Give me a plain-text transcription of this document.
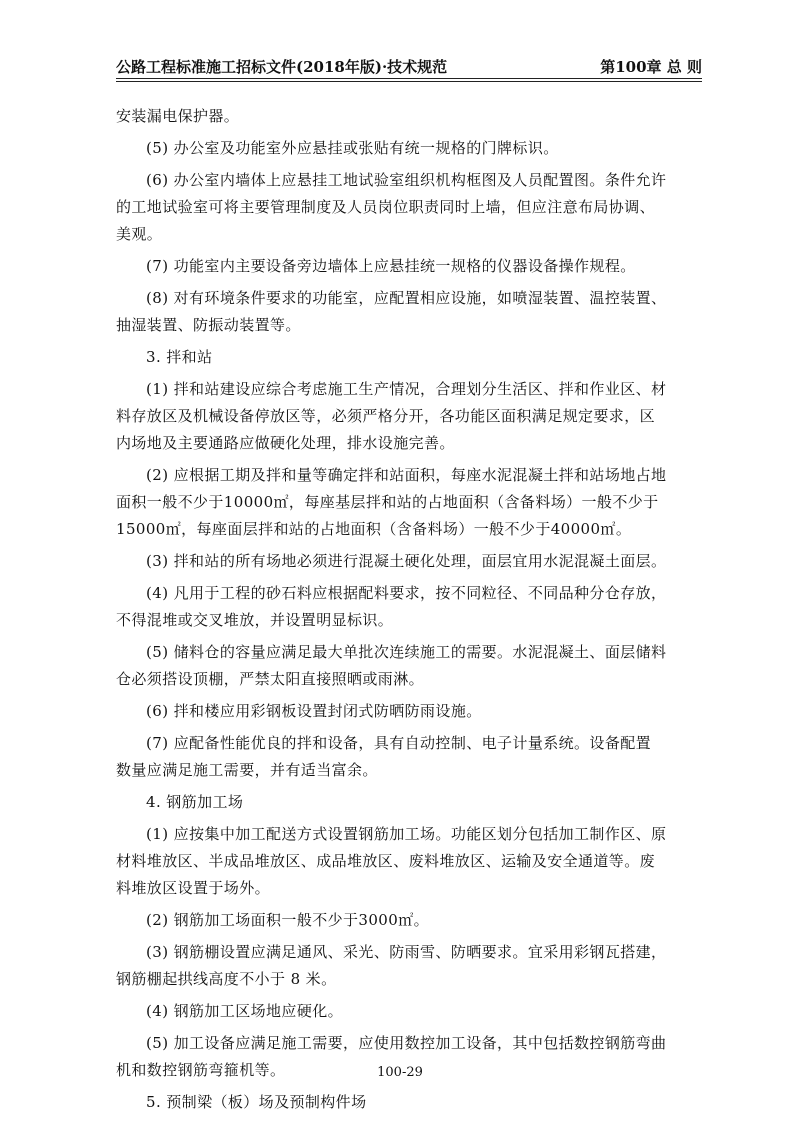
公路工程标准施工招标文件(2018年版)·技术规范	第100章 总 则
安装漏电保护器。
(5) 办公室及功能室外应悬挂或张贴有统一规格的门牌标识。
(6) 办公室内墙体上应悬挂工地试验室组织机构框图及人员配置图。条件允许
的工地试验室可将主要管理制度及人员岗位职责同时上墙，但应注意布局协调、
美观。
(7) 功能室内主要设备旁边墙体上应悬挂统一规格的仪器设备操作规程。
(8) 对有环境条件要求的功能室，应配置相应设施，如喷湿装置、温控装置、
抽湿装置、防振动装置等。
3. 拌和站
(1) 拌和站建设应综合考虑施工生产情况，合理划分生活区、拌和作业区、材
料存放区及机械设备停放区等，必须严格分开，各功能区面积满足规定要求，区
内场地及主要通路应做硬化处理，排水设施完善。
(2) 应根据工期及拌和量等确定拌和站面积，每座水泥混凝土拌和站场地占地
面积一般不少于10000㎡，每座基层拌和站的占地面积（含备料场）一般不少于
15000㎡，每座面层拌和站的占地面积（含备料场）一般不少于40000㎡。
(3) 拌和站的所有场地必须进行混凝土硬化处理，面层宜用水泥混凝土面层。
(4) 凡用于工程的砂石料应根据配料要求，按不同粒径、不同品种分仓存放，
不得混堆或交叉堆放，并设置明显标识。
(5) 储料仓的容量应满足最大单批次连续施工的需要。水泥混凝土、面层储料
仓必须搭设顶棚，严禁太阳直接照晒或雨淋。
(6) 拌和楼应用彩钢板设置封闭式防晒防雨设施。
(7) 应配备性能优良的拌和设备，具有自动控制、电子计量系统。设备配置
数量应满足施工需要，并有适当富余。
4. 钢筋加工场
(1) 应按集中加工配送方式设置钢筋加工场。功能区划分包括加工制作区、原
材料堆放区、半成品堆放区、成品堆放区、废料堆放区、运输及安全通道等。废
料堆放区设置于场外。
(2) 钢筋加工场面积一般不少于3000㎡。
(3) 钢筋棚设置应满足通风、采光、防雨雪、防晒要求。宜采用彩钢瓦搭建，
钢筋棚起拱线高度不小于 8 米。
(4) 钢筋加工区场地应硬化。
(5) 加工设备应满足施工需要，应使用数控加工设备，其中包括数控钢筋弯曲
机和数控钢筋弯箍机等。
5. 预制梁（板）场及预制构件场
100-29
